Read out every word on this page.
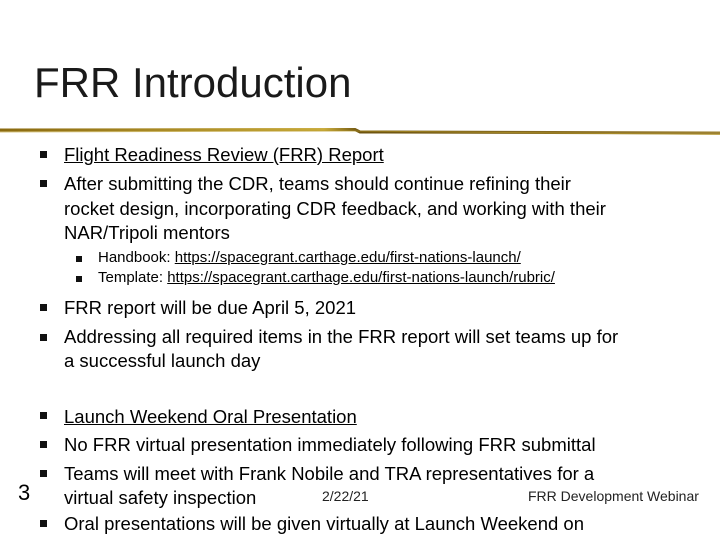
FRR Introduction
Flight Readiness Review (FRR) Report
After submitting the CDR, teams should continue refining their
rocket design, incorporating CDR feedback, and working with their
NAR/Tripoli mentors
Handbook: https://spacegrant.carthage.edu/first-nations-launch/
Template: https://spacegrant.carthage.edu/first-nations-launch/rubric/
FRR report will be due April 5, 2021
Addressing all required items in the FRR report will set teams up for
a successful launch day
Launch Weekend Oral Presentation
No FRR virtual presentation immediately following FRR submittal
Teams will meet with Frank Nobile and TRA representatives for a
virtual safety inspection
Oral presentations will be given virtually at Launch Weekend on
3	2/22/21	FRR Development Webinar
